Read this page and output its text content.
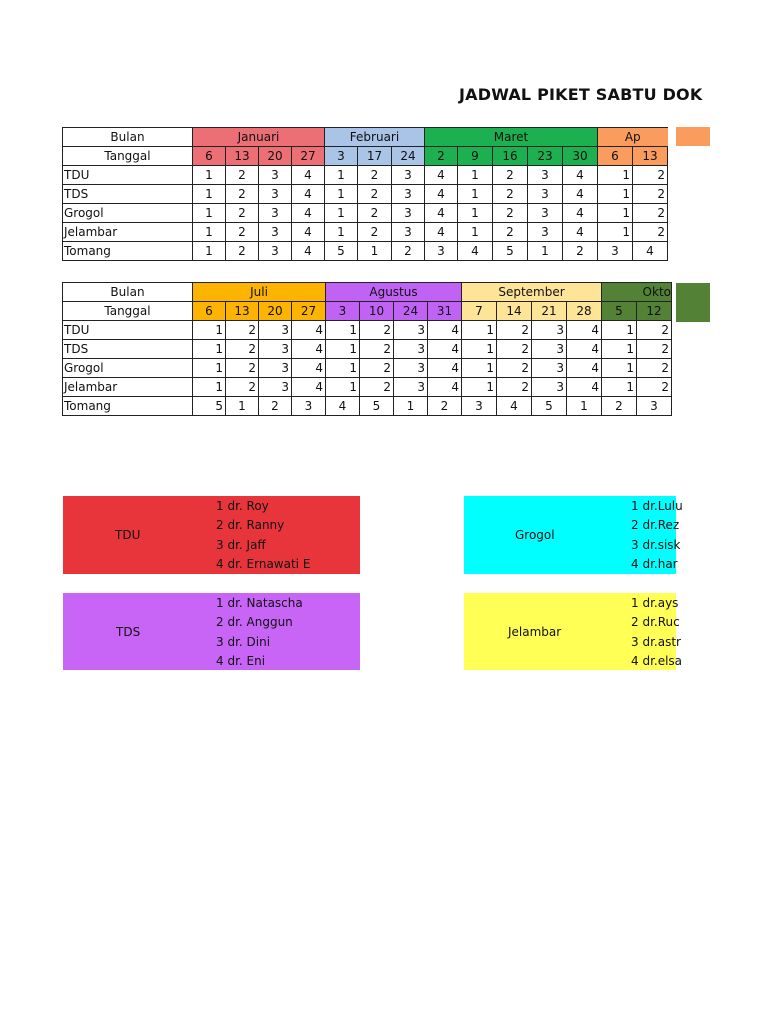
JADWAL PIKET SABTU DOK
Bulan	Januari				Februari			Maret					Ap	
Tanggal	6	13	20	27	3	17	24	2	9	16	23	30	6	13
TDU	1	2	3	4	1	2	3	4	1	2	3	4	1	2
TDS	1	2	3	4	1	2	3	4	1	2	3	4	1	2
Grogol	1	2	3	4	1	2	3	4	1	2	3	4	1	2
Jelambar	1	2	3	4	1	2	3	4	1	2	3	4	1	2
Tomang	1	2	3	4	5	1	2	3	4	5	1	2	3	4
Bulan	Juli				Agustus				September				Okto	
Tanggal	6	13	20	27	3	10	24	31	7	14	21	28	5	12
TDU	1	2	3	4	1	2	3	4	1	2	3	4	1	2
TDS	1	2	3	4	1	2	3	4	1	2	3	4	1	2
Grogol	1	2	3	4	1	2	3	4	1	2	3	4	1	2
Jelambar	1	2	3	4	1	2	3	4	1	2	3	4	1	2
Tomang	5	1	2	3	4	5	1	2	3	4	5	1	2	3
TDU
1 dr. Roy
2 dr. Ranny
3 dr. Jaff
4 dr. Ernawati E
TDS
1 dr. Natascha
2 dr. Anggun
3 dr. Dini
4 dr. Eni
Grogol
1 dr.Lulu
2 dr.Rez
3 dr.sisk
4 dr.har
Jelambar
1 dr.ays
2 dr.Ruc
3 dr.astr
4 dr.elsa
